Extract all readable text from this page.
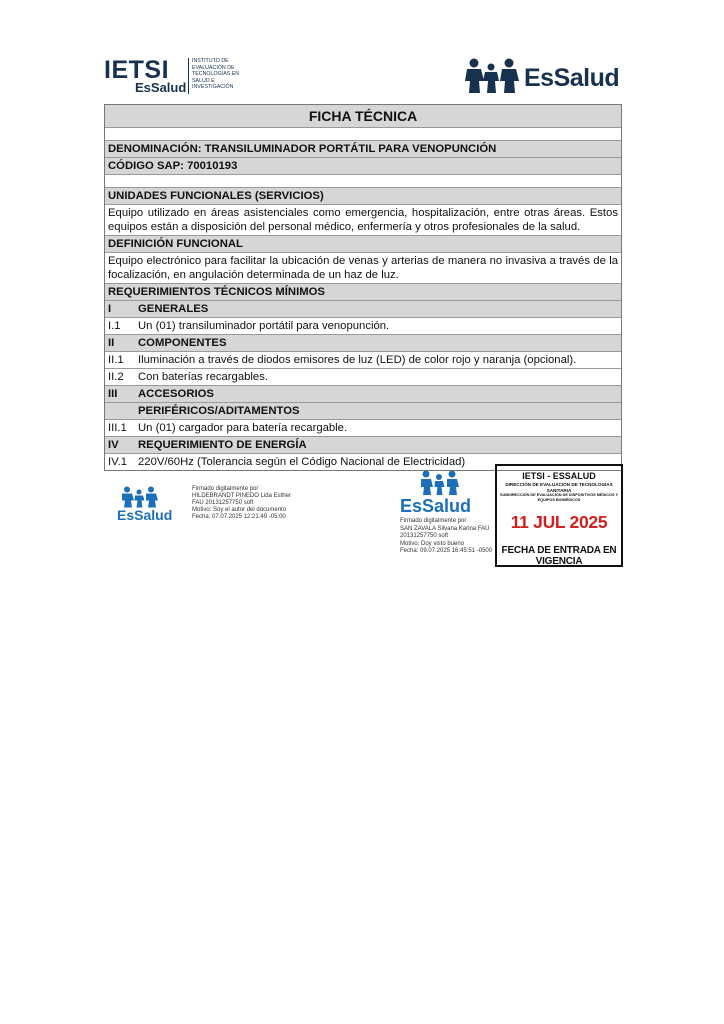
IETSI
EsSalud
INSTITUTO DE
EVALUACIÓN DE
TECNOLOGÍAS EN
SALUD E
INVESTIGACIÓN	EsSalud
FICHA TÉCNICA
DENOMINACIÓN: TRANSILUMINADOR PORTÁTIL PARA VENOPUNCIÓN
CÓDIGO SAP: 70010193
UNIDADES FUNCIONALES (SERVICIOS)
Equipo utilizado en áreas asistenciales como emergencia, hospitalización, entre otras áreas. Estos equipos están a disposición del personal médico, enfermería y otros profesionales de la salud.
DEFINICIÓN FUNCIONAL
Equipo electrónico para facilitar la ubicación de venas y arterias de manera no invasiva a través de la focalización, en angulación determinada de un haz de luz.
REQUERIMIENTOS TÉCNICOS MÍNIMOS
I	GENERALES
I.1	Un (01) transiluminador portátil para venopunción.
II	COMPONENTES
II.1	Iluminación a través de diodos emisores de luz (LED) de color rojo y naranja (opcional).
II.2	Con baterías recargables.
III	ACCESORIOS
PERIFÉRICOS/ADITAMENTOS
III.1 Un (01) cargador para batería recargable.
IV	REQUERIMIENTO DE ENERGÍA
IV.1 220V/60Hz (Tolerancia según el Código Nacional de Electricidad)
EsSalud
Firmado digitalmente por
HILDEBRANDT PINEDO Lida Esther
FAU 20131257750 soft
Motivo: Soy el autor del documento
Fecha: 07.07.2025 12:21:49 -05:00
EsSalud
Firmado digitalmente por
SAN ZAVALA Silvana Karina FAU
20131257750 soft
Motivo: Doy visto bueno
Fecha: 09.07.2025 16:45:51 -0500
IETSI - ESSALUD
DIRECCIÓN DE EVALUACIÓN DE TECNOLOGÍAS SANITARIA
SUBDIRECCIÓN DE EVALUACIÓN DE DISPOSITIVOS MÉDICOS Y EQUIPOS BIOMÉDICOS
11 JUL 2025
FECHA DE ENTRADA EN VIGENCIA
